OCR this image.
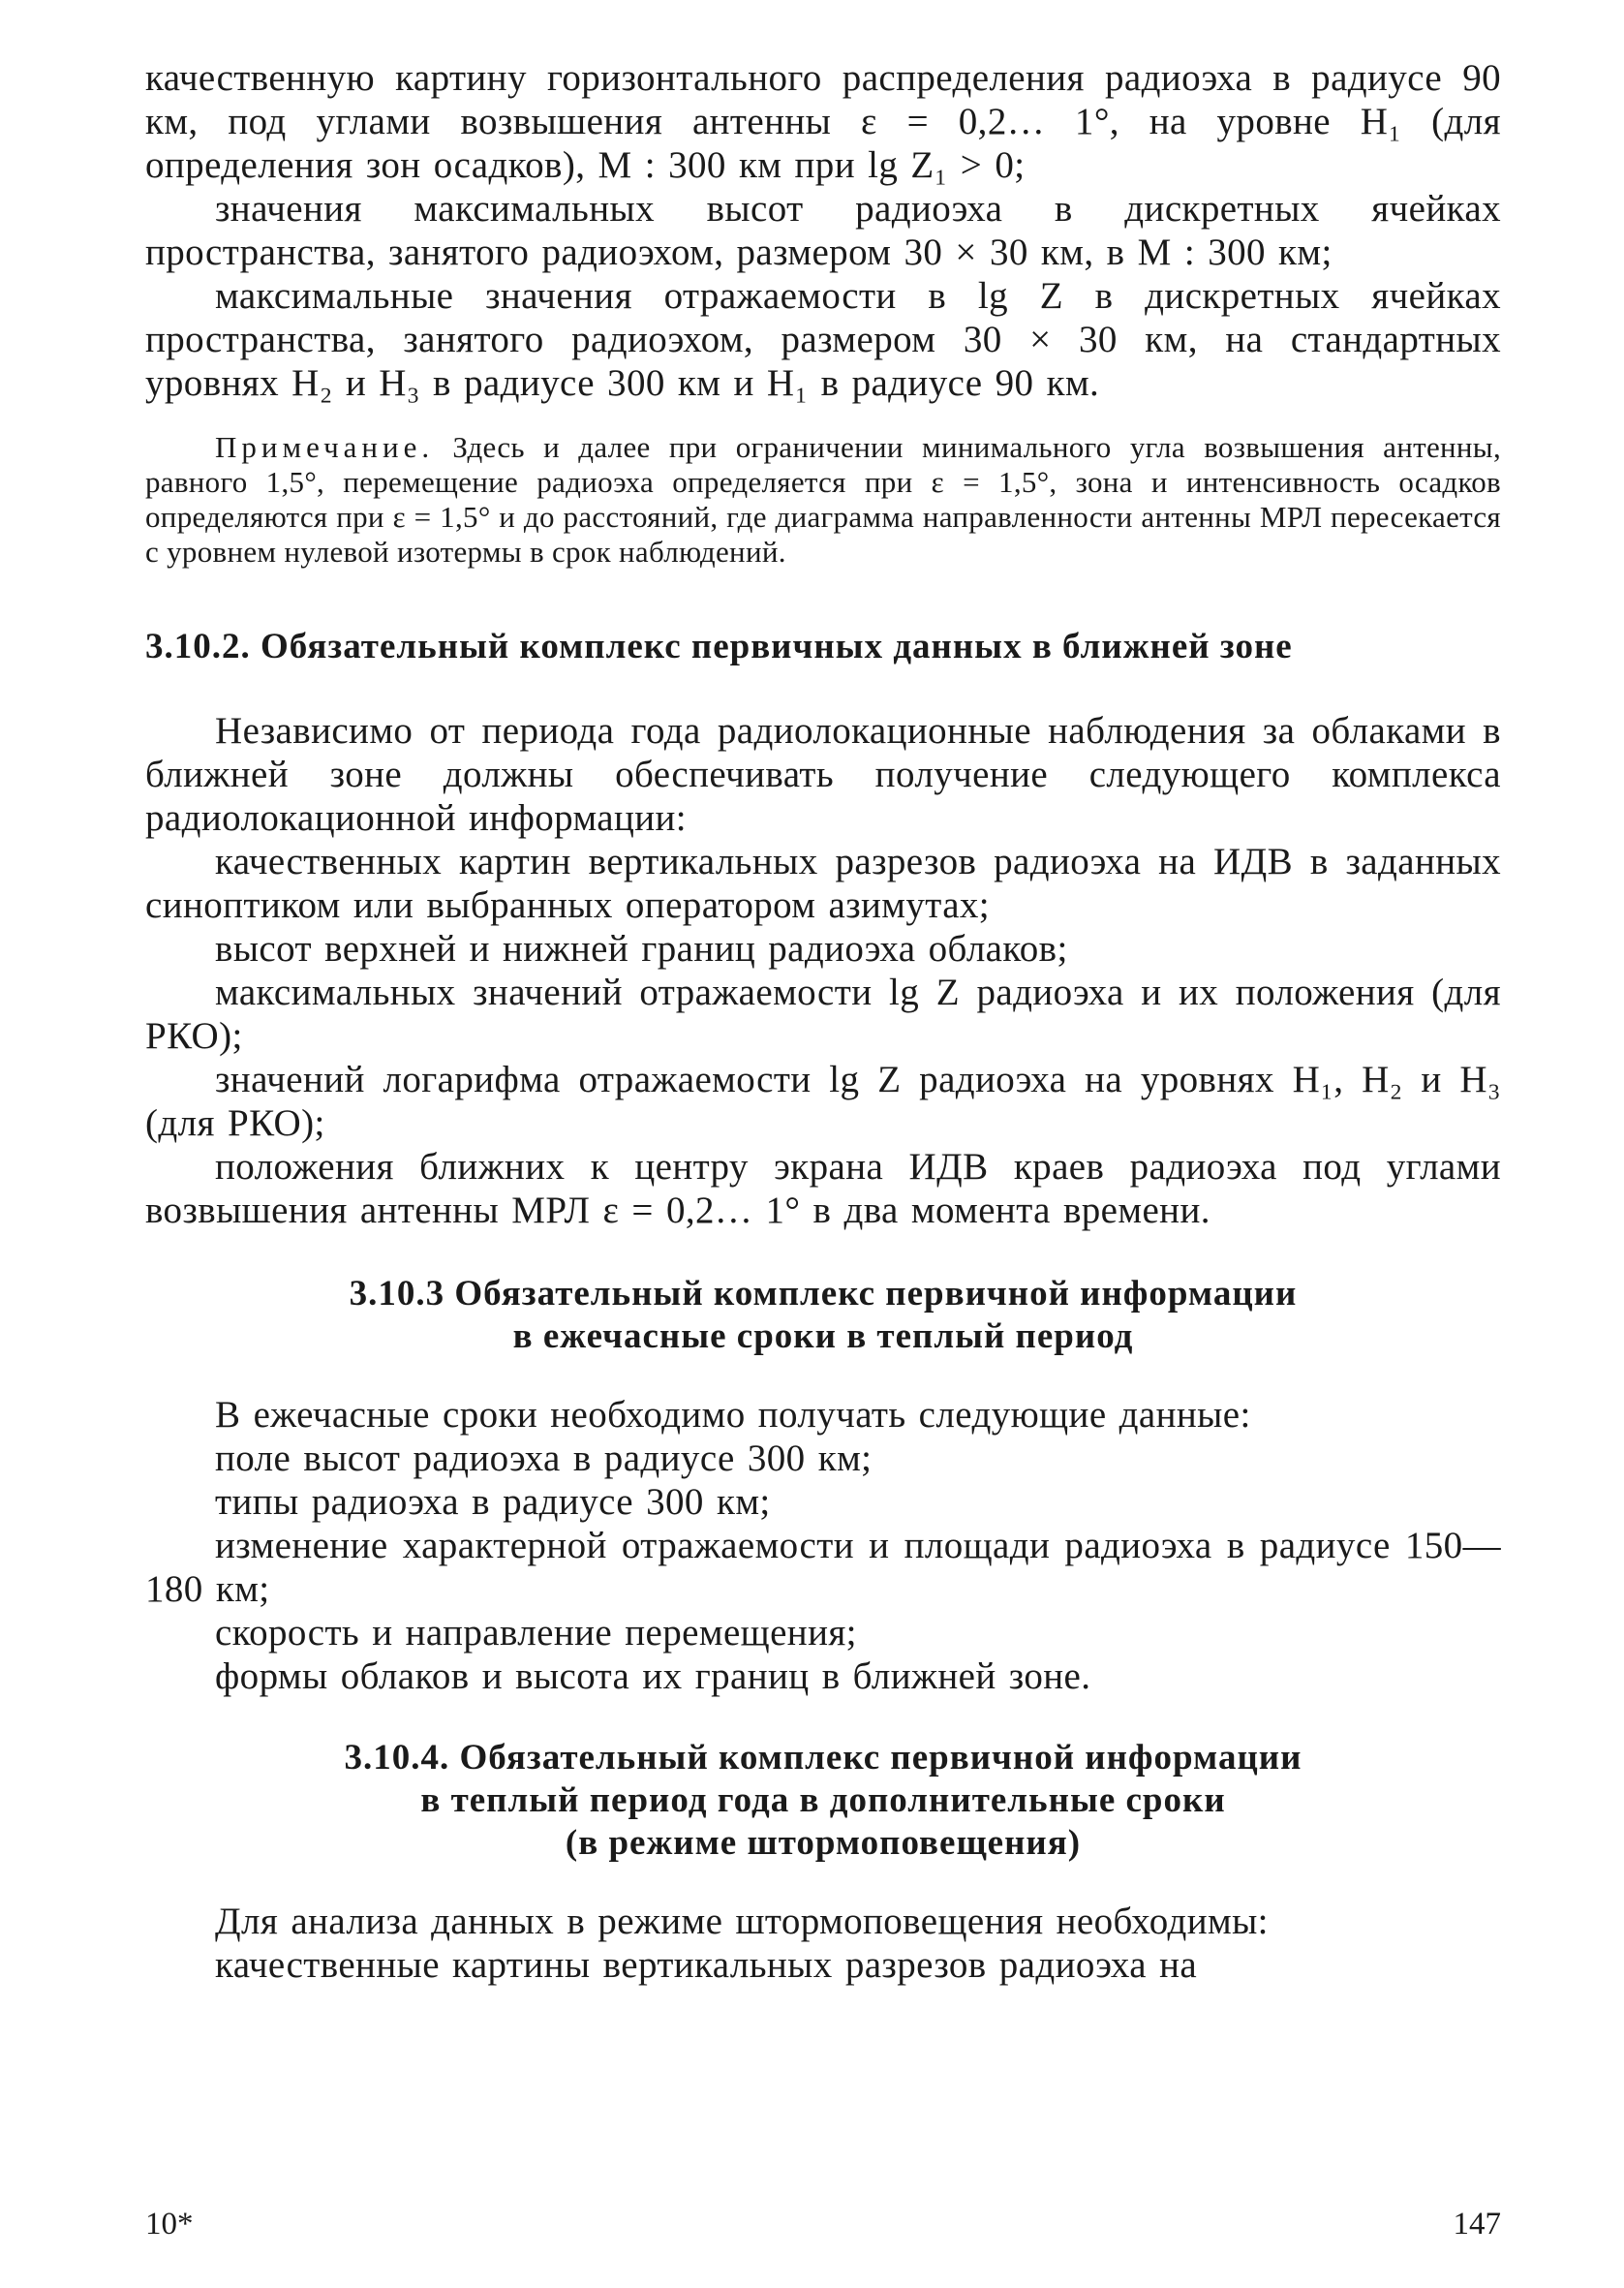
качественную картину горизонтального распределения радиоэха в радиусе 90 км, под углами возвышения антенны ε = 0,2… 1°, на уровне H₁ (для определения зон осадков), М : 300 км при lg Z₁ > 0;

значения максимальных высот радиоэха в дискретных ячейках пространства, занятого радиоэхом, размером 30 × 30 км, в М : 300 км;

максимальные значения отражаемости в lg Z в дискретных ячейках пространства, занятого радиоэхом, размером 30 × 30 км, на стандартных уровнях H₂ и H₃ в радиусе 300 км и H₁ в радиусе 90 км.

Примечание. Здесь и далее при ограничении минимального угла возвышения антенны, равного 1,5°, перемещение радиоэха определяется при ε = 1,5°, зона и интенсивность осадков определяются при ε = 1,5° и до расстояний, где диаграмма направленности антенны МРЛ пересекается с уровнем нулевой изотермы в срок наблюдений.

3.10.2. Обязательный комплекс первичных данных в ближней зоне

Независимо от периода года радиолокационные наблюдения за облаками в ближней зоне должны обеспечивать получение следующего комплекса радиолокационной информации:

качественных картин вертикальных разрезов радиоэха на ИДВ в заданных синоптиком или выбранных оператором азимутах;

высот верхней и нижней границ радиоэха облаков;

максимальных значений отражаемости lg Z радиоэха и их положения (для РКО);

значений логарифма отражаемости lg Z радиоэха на уровнях H₁, H₂ и H₃ (для РКО);

положения ближних к центру экрана ИДВ краев радиоэха под углами возвышения антенны МРЛ ε = 0,2… 1° в два момента времени.

3.10.3 Обязательный комплекс первичной информации

в ежечасные сроки в теплый период

В ежечасные сроки необходимо получать следующие данные:

поле высот радиоэха в радиусе 300 км;

типы радиоэха в радиусе 300 км;

изменение характерной отражаемости и площади радиоэха в радиусе 150—180 км;

скорость и направление перемещения;

формы облаков и высота их границ в ближней зоне.

3.10.4. Обязательный комплекс первичной информации

в теплый период года в дополнительные сроки

(в режиме штормоповещения)

Для анализа данных в режиме штормоповещения необходимы:

качественные картины вертикальных разрезов радиоэха на

10*	147
